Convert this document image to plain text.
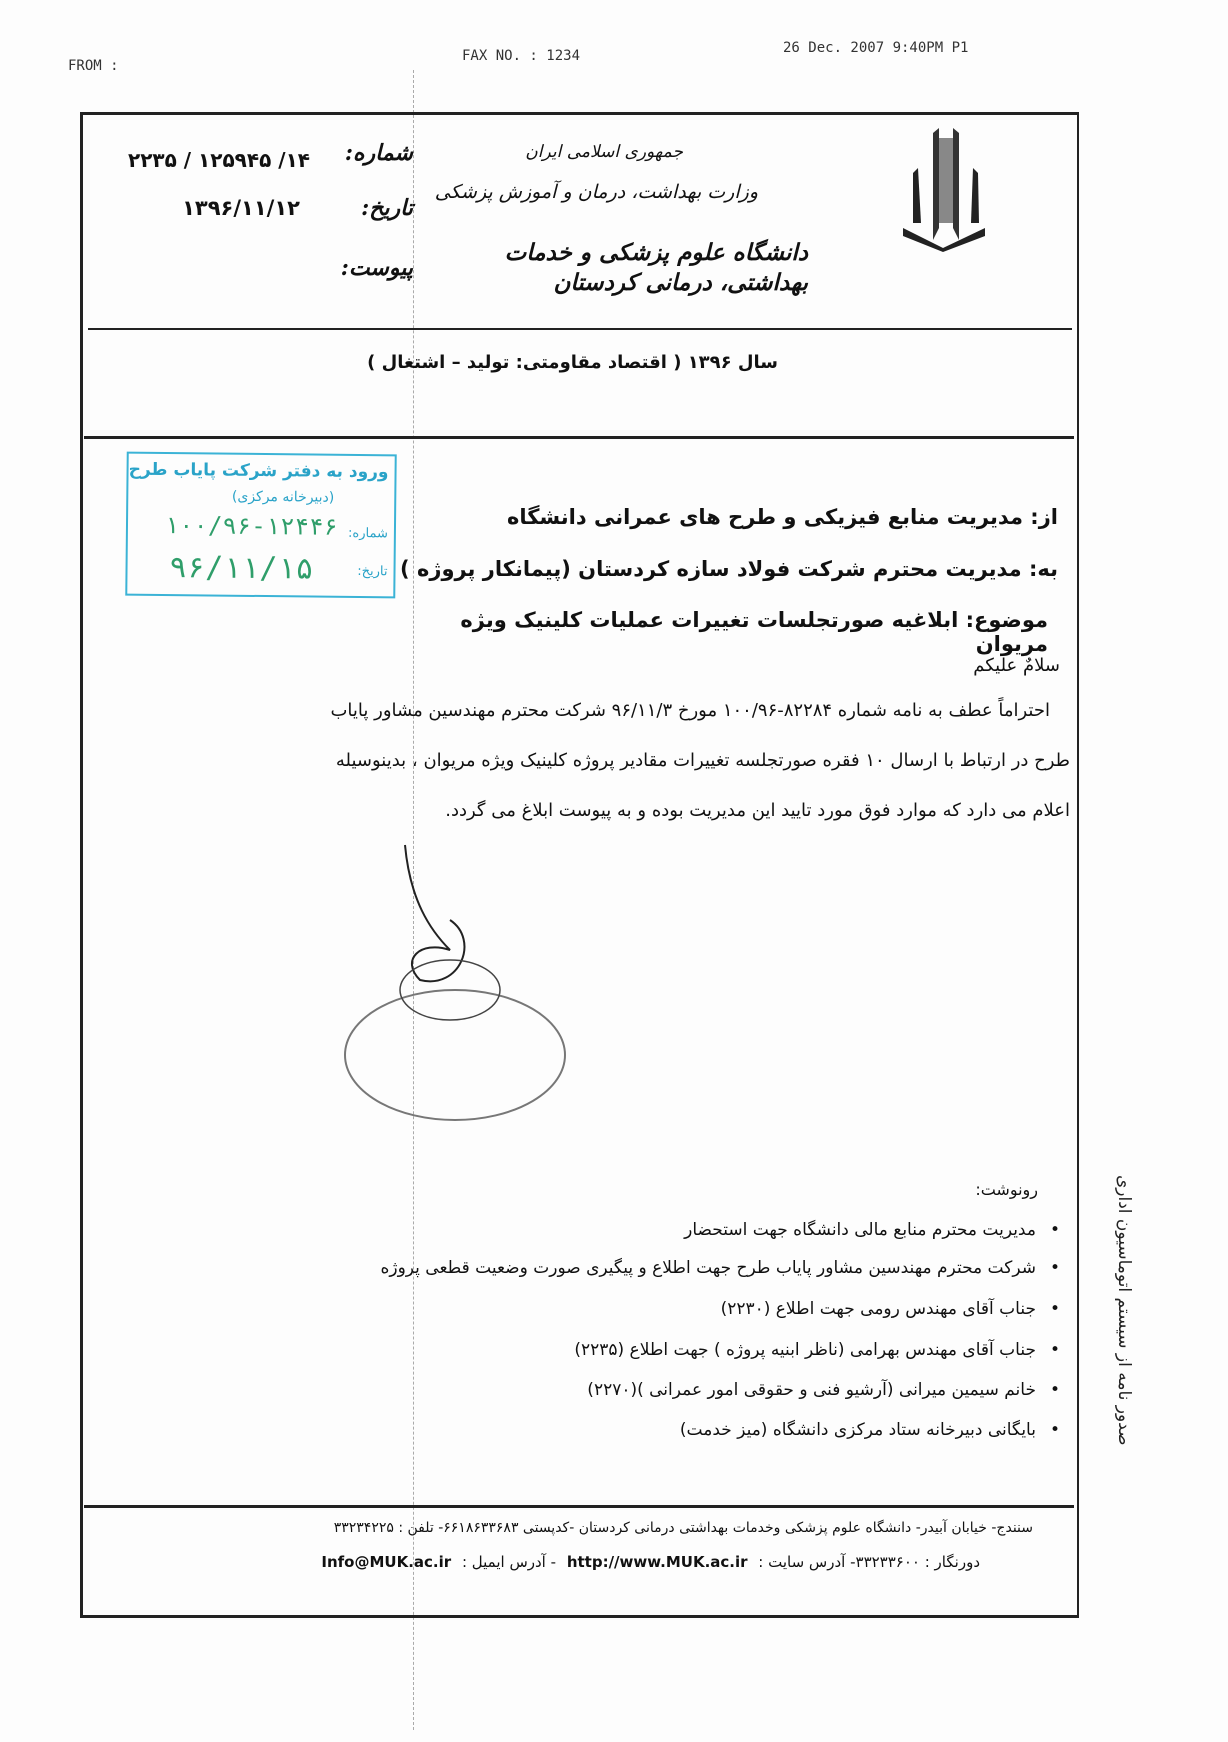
FROM :
FAX NO. : 1234	26 Dec. 2007 9:40PM P1
جمهوری اسلامی ایران
وزارت بهداشت، درمان و آموزش پزشکی
دانشگاه علوم پزشکی و خدمات بهداشتی، درمانی کردستان
شماره:
۱۴/ ۱۲۵۹۴۵ / ۲۲۳۵
تاریخ:
۱۳۹۶/۱۱/۱۲
پیوست:
سال ۱۳۹۶ ( اقتصاد مقاومتی: تولید – اشتغال )
ورود به دفتر شرکت پایاب طرح
(دبیرخانه مرکزی)
شماره:
۱۰۰/۹۶-۱۲۴۴۶
تاریخ:
۹۶/۱۱/۱۵
از: مدیریت منابع فیزیکی و طرح های عمرانی دانشگاه
به: مدیریت محترم شرکت فولاد سازه کردستان (پیمانکار پروژه )
موضوع: ابلاغیه صورتجلسات تغییرات عملیات کلینیک ویژه مریوان
سلامٌ علیکم
احتراماً عطف به نامه شماره ۸۲۲۸۴-۱۰۰/۹۶ مورخ ۹۶/۱۱/۳ شرکت محترم مهندسین مشاور پایاب
طرح در ارتباط با ارسال ۱۰ فقره صورتجلسه تغییرات مقادیر پروژه کلینیک ویژه مریوان ، بدینوسیله
اعلام می دارد که موارد فوق مورد تایید این مدیریت بوده و به پیوست ابلاغ می گردد.
رونوشت:
• مدیریت محترم منابع مالی دانشگاه جهت استحضار
• شرکت محترم مهندسین مشاور پایاب طرح جهت اطلاع و پیگیری صورت وضعیت قطعی پروژه
• جناب آقای مهندس رومی جهت اطلاع (۲۲۳۰)
• جناب آقای مهندس بهرامی (ناظر ابنیه پروژه ) جهت اطلاع (۲۲۳۵)
• خانم سیمین میرانی (آرشیو فنی و حقوقی امور عمرانی )(۲۲۷۰)
• بایگانی دبیرخانه ستاد مرکزی دانشگاه (میز خدمت)	صدور نامه از سیستم اتوماسیون اداری
سنندج- خیابان آبیدر- دانشگاه علوم پزشکی وخدمات بهداشتی درمانی کردستان -کدپستی ۶۶۱۸۶۳۳۶۸۳- تلفن : ۳۳۲۳۴۲۲۵
دورنگار : ۳۳۲۳۳۶۰۰- آدرس سایت : http://www.MUK.ac.ir - آدرس ایمیل : Info@MUK.ac.ir
